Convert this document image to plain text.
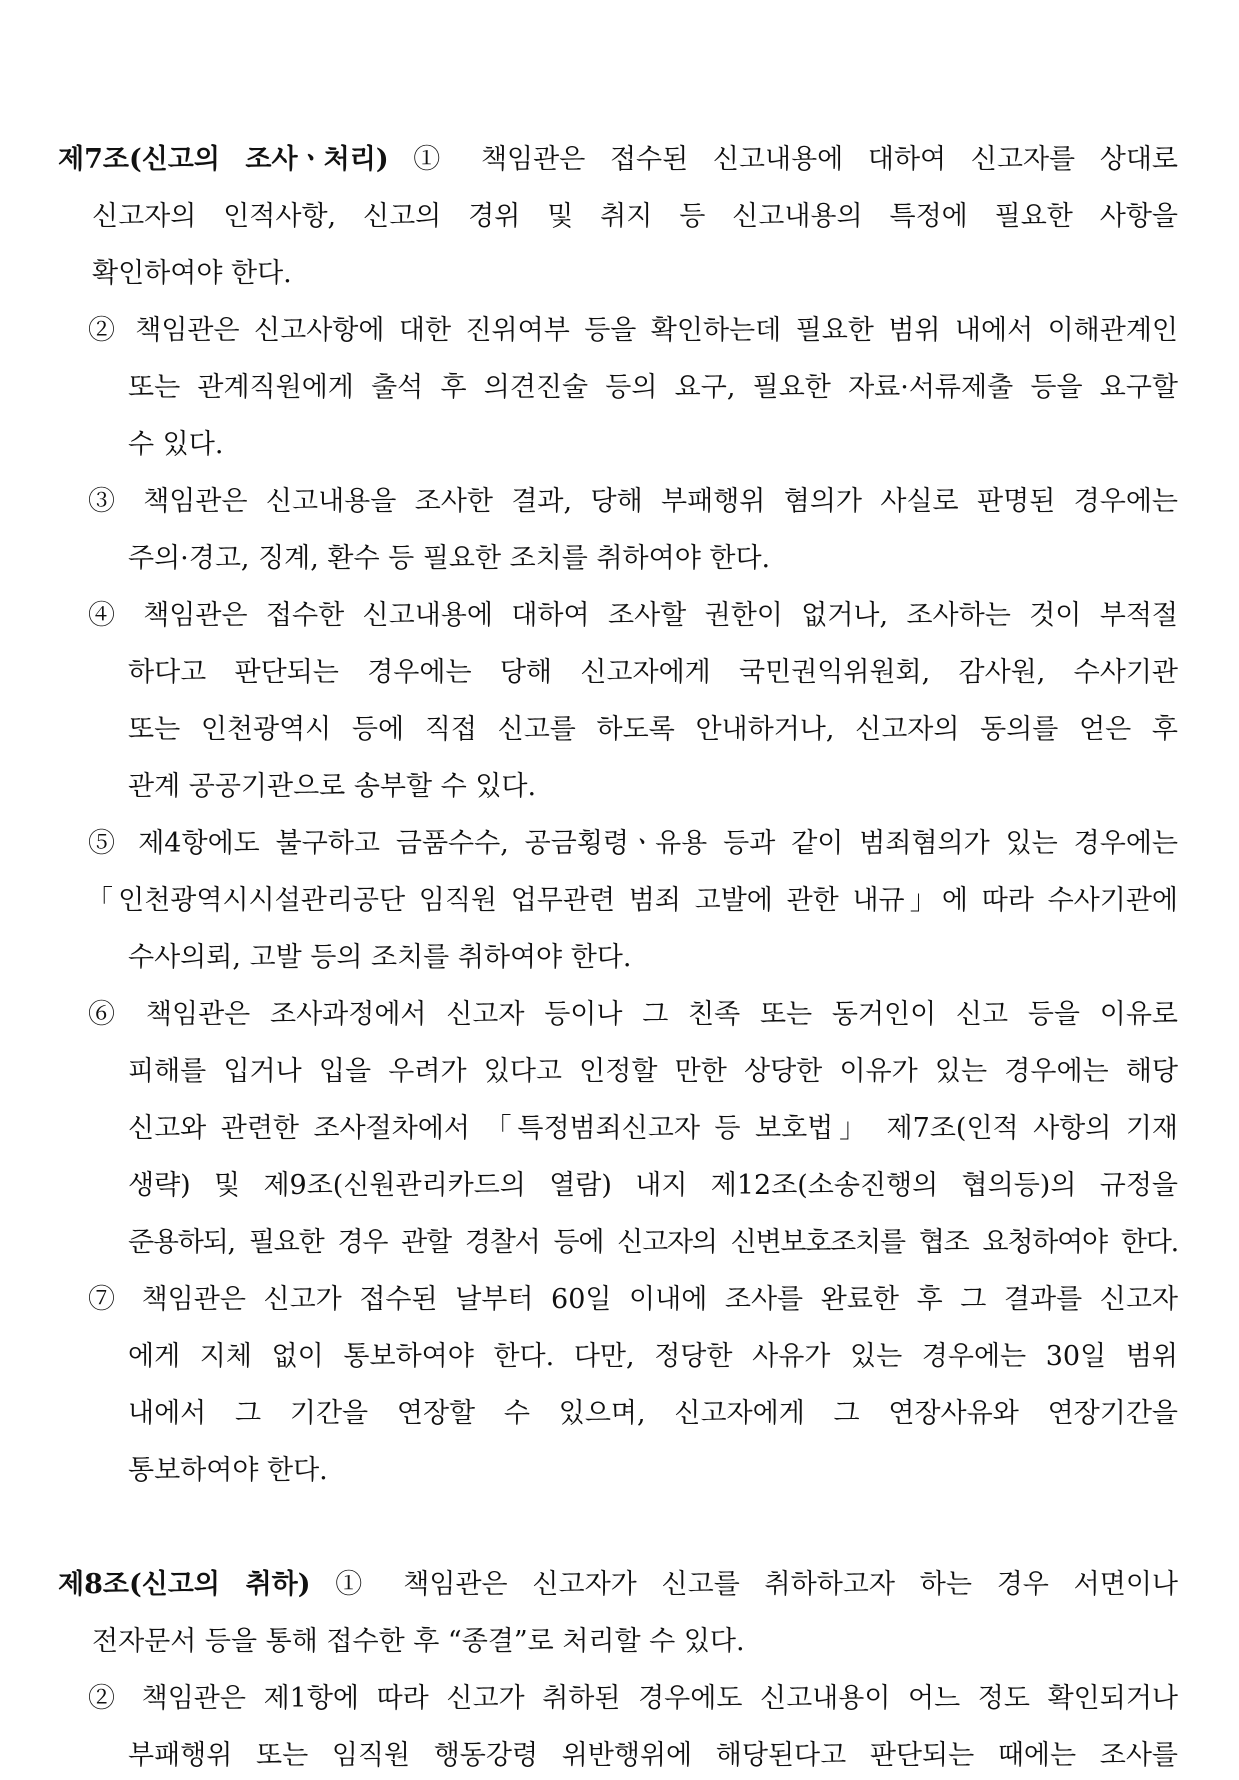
제7조(신고의 조사ㆍ처리) ① 책임관은 접수된 신고내용에 대하여 신고자를 상대로
신고자의 인적사항, 신고의 경위 및 취지 등 신고내용의 특정에 필요한 사항을
확인하여야 한다.
② 책임관은 신고사항에 대한 진위여부 등을 확인하는데 필요한 범위 내에서 이해관계인
또는 관계직원에게 출석 후 의견진술 등의 요구, 필요한 자료·서류제출 등을 요구할
수 있다.
③ 책임관은 신고내용을 조사한 결과, 당해 부패행위 혐의가 사실로 판명된 경우에는
주의·경고, 징계, 환수 등 필요한 조치를 취하여야 한다.
④ 책임관은 접수한 신고내용에 대하여 조사할 권한이 없거나, 조사하는 것이 부적절
하다고 판단되는 경우에는 당해 신고자에게 국민권익위원회, 감사원, 수사기관
또는 인천광역시 등에 직접 신고를 하도록 안내하거나, 신고자의 동의를 얻은 후
관계 공공기관으로 송부할 수 있다.
⑤ 제4항에도 불구하고 금품수수, 공금횡령ㆍ유용 등과 같이 범죄혐의가 있는 경우에는
「인천광역시시설관리공단 임직원 업무관련 범죄 고발에 관한 내규」에 따라 수사기관에
수사의뢰, 고발 등의 조치를 취하여야 한다.
⑥ 책임관은 조사과정에서 신고자 등이나 그 친족 또는 동거인이 신고 등을 이유로
피해를 입거나 입을 우려가 있다고 인정할 만한 상당한 이유가 있는 경우에는 해당
신고와 관련한 조사절차에서 「특정범죄신고자 등 보호법」 제7조(인적 사항의 기재
생략) 및 제9조(신원관리카드의 열람) 내지 제12조(소송진행의 협의등)의 규정을
준용하되, 필요한 경우 관할 경찰서 등에 신고자의 신변보호조치를 협조 요청하여야 한다.
⑦ 책임관은 신고가 접수된 날부터 60일 이내에 조사를 완료한 후 그 결과를 신고자
에게 지체 없이 통보하여야 한다. 다만, 정당한 사유가 있는 경우에는 30일 범위
내에서 그 기간을 연장할 수 있으며, 신고자에게 그 연장사유와 연장기간을
통보하여야 한다.
제8조(신고의 취하) ① 책임관은 신고자가 신고를 취하하고자 하는 경우 서면이나
전자문서 등을 통해 접수한 후 “종결”로 처리할 수 있다.
② 책임관은 제1항에 따라 신고가 취하된 경우에도 신고내용이 어느 정도 확인되거나
부패행위 또는 임직원 행동강령 위반행위에 해당된다고 판단되는 때에는 조사를
